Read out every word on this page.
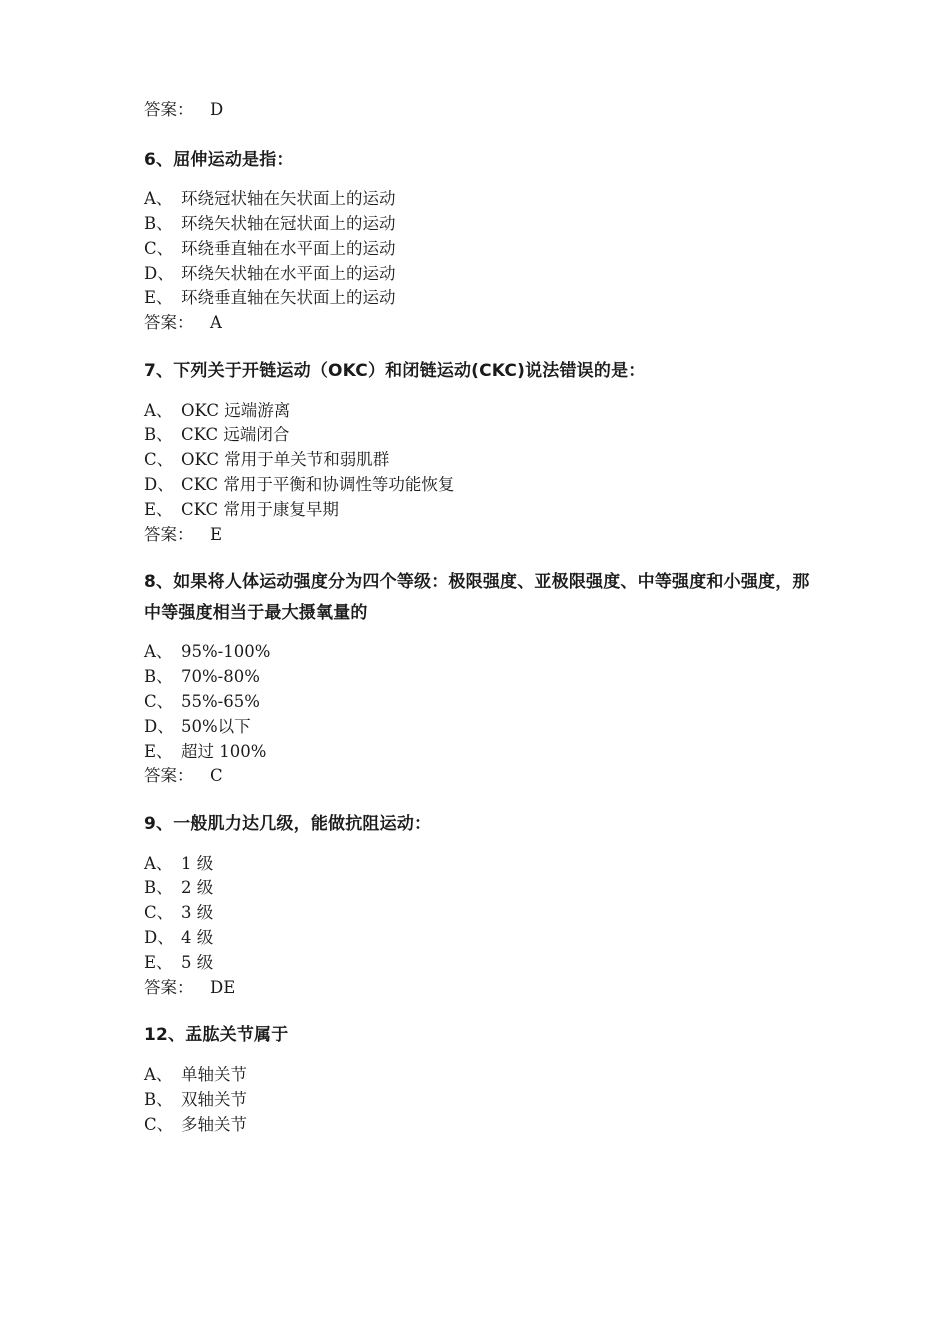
答案： D
6、屈伸运动是指：
A、 环绕冠状轴在矢状面上的运动
B、 环绕矢状轴在冠状面上的运动
C、 环绕垂直轴在水平面上的运动
D、 环绕矢状轴在水平面上的运动
E、 环绕垂直轴在矢状面上的运动
答案： A
7、下列关于开链运动（OKC）和闭链运动(CKC)说法错误的是：
A、 OKC 远端游离
B、 CKC 远端闭合
C、 OKC 常用于单关节和弱肌群
D、 CKC 常用于平衡和协调性等功能恢复
E、 CKC 常用于康复早期
答案： E
8、如果将人体运动强度分为四个等级：极限强度、亚极限强度、中等强度和小强度，那中等强度相当于最大摄氧量的
A、 95%-100%
B、 70%-80%
C、 55%-65%
D、 50%以下
E、 超过 100%
答案： C
9、一般肌力达几级，能做抗阻运动：
A、 1 级
B、 2 级
C、 3 级
D、 4 级
E、 5 级
答案： DE
12、盂肱关节属于
A、 单轴关节
B、 双轴关节
C、 多轴关节
